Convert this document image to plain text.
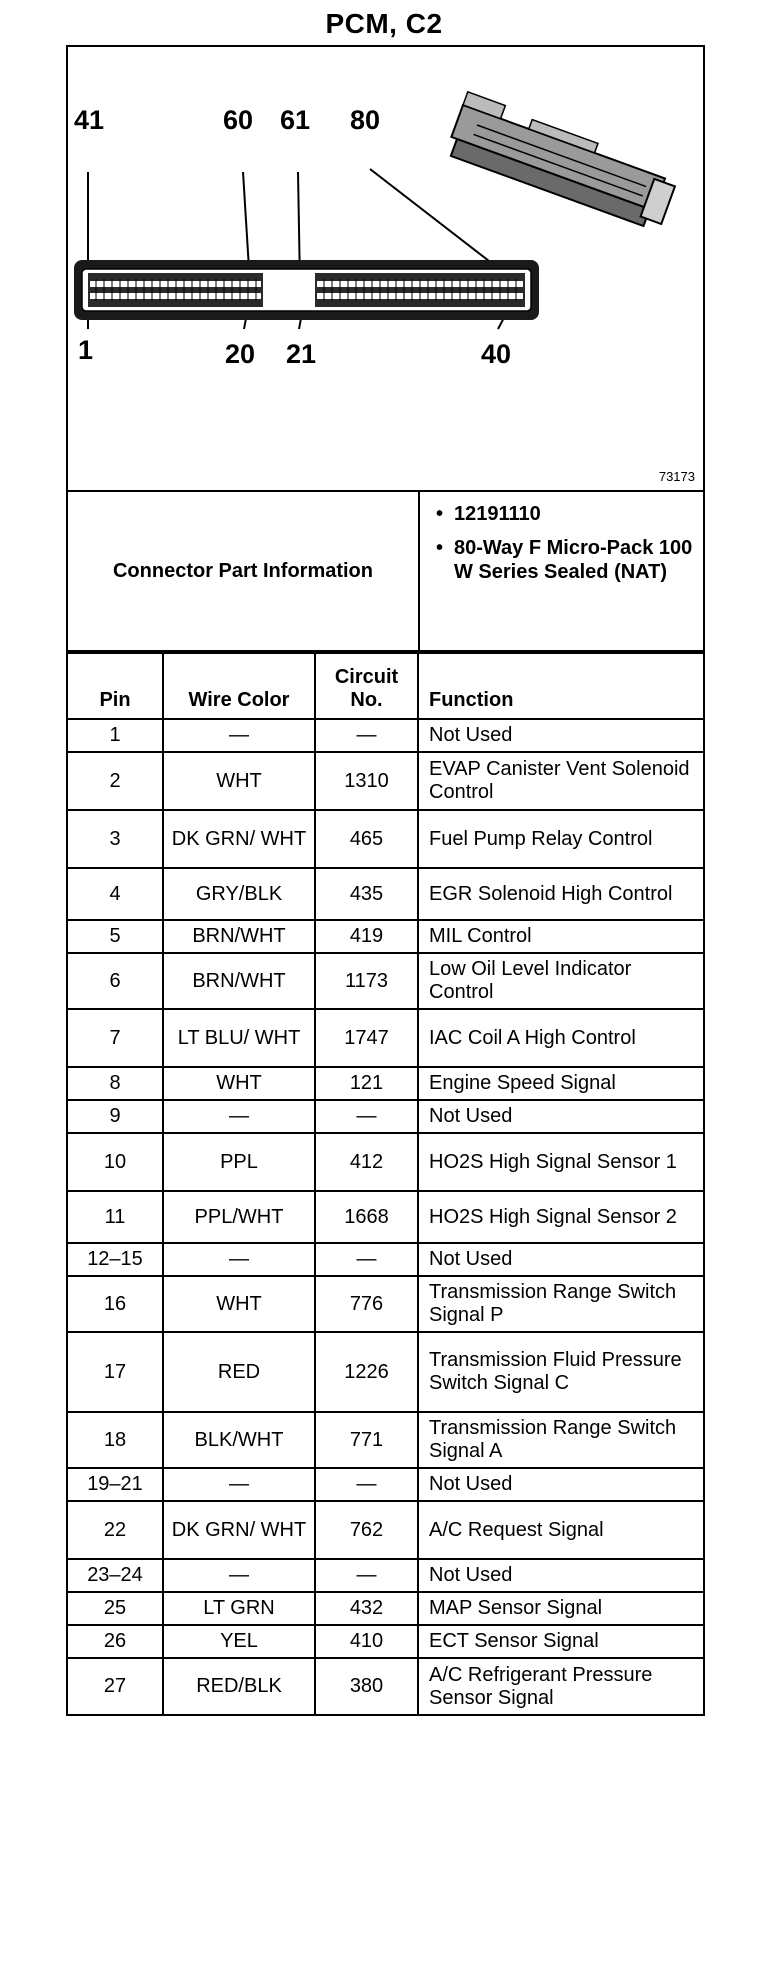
PCM, C2
41	60 61 80
1	20 21	40
73173
Connector Part Information
• 12191110
• 80-Way F Micro-Pack 100 W Series Sealed (NAT)
Pin	Wire Color	Circuit No.	Function
1	—	—	Not Used
2	WHT	1310	EVAP Canister Vent Solenoid Control
3	DK GRN/ WHT	465	Fuel Pump Relay Control
4	GRY/BLK	435	EGR Solenoid High Control
5	BRN/WHT	419	MIL Control
6	BRN/WHT	1173	Low Oil Level Indicator Control
7	LT BLU/ WHT	1747	IAC Coil A High Control
8	WHT	121	Engine Speed Signal
9	—	—	Not Used
10	PPL	412	HO2S High Signal Sensor 1
11	PPL/WHT	1668	HO2S High Signal Sensor 2
12–15	—	—	Not Used
16	WHT	776	Transmission Range Switch Signal P
17	RED	1226	Transmission Fluid Pressure Switch Signal C
18	BLK/WHT	771	Transmission Range Switch Signal A
19–21	—	—	Not Used
22	DK GRN/ WHT	762	A/C Request Signal
23–24	—	—	Not Used
25	LT GRN	432	MAP Sensor Signal
26	YEL	410	ECT Sensor Signal
27	RED/BLK	380	A/C Refrigerant Pressure Sensor Signal
